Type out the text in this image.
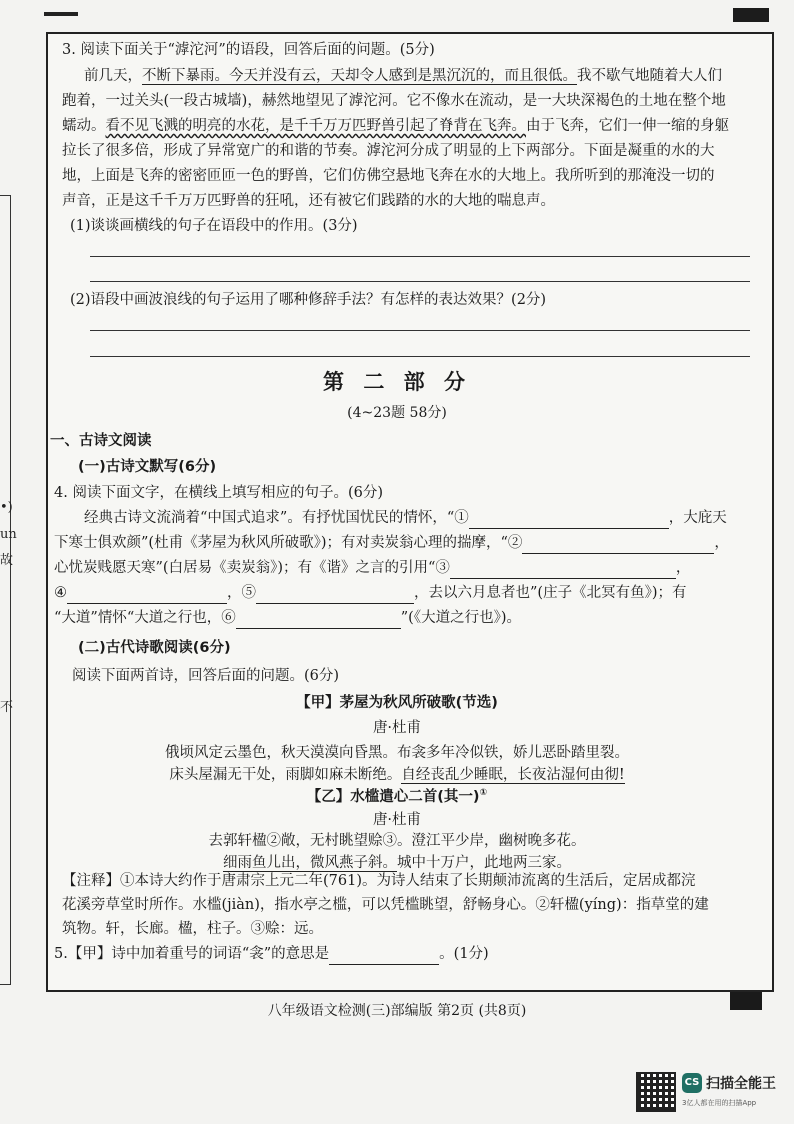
•)
un
故
不
3. 阅读下面关于“滹沱河”的语段，回答后面的问题。(5分)
前几天，不断下暴雨。今天并没有云，天却令人感到是黑沉沉的，而且很低。我不歇气地随着大人们
跑着，一过关头(一段古城墙)，赫然地望见了滹沱河。它不像水在流动，是一大块深褐色的土地在整个地
蠕动。看不见飞溅的明亮的水花，是千千万万匹野兽引起了脊背在飞奔。由于飞奔，它们一伸一缩的身躯
拉长了很多倍，形成了异常宽广的和谐的节奏。滹沱河分成了明显的上下两部分。下面是凝重的水的大
地，上面是飞奔的密密匝匝一色的野兽，它们仿佛空悬地飞奔在水的大地上。我所听到的那淹没一切的
声音，正是这千千万万匹野兽的狂吼，还有被它们践踏的水的大地的喘息声。
(1)谈谈画横线的句子在语段中的作用。(3分)
(2)语段中画波浪线的句子运用了哪种修辞手法？有怎样的表达效果？(2分)
第 二 部 分
(4~23题 58分)
一、古诗文阅读
(一)古诗文默写(6分)
4. 阅读下面文字，在横线上填写相应的句子。(6分)
经典古诗文流淌着“中国式追求”。有抒忧国忧民的情怀，“①	，大庇天
下寒士俱欢颜”(杜甫《茅屋为秋风所破歌》)；有对卖炭翁心理的揣摩，“②	，
心忧炭贱愿天寒”(白居易《卖炭翁》)；有《谐》之言的引用“③	，
④	，⑤	，去以六月息者也”(庄子《北冥有鱼》)；有
“大道”情怀“大道之行也，⑥	”(《大道之行也》)。
(二)古代诗歌阅读(6分)
阅读下面两首诗，回答后面的问题。(6分)
【甲】茅屋为秋风所破歌(节选)
唐·杜甫
俄顷风定云墨色，秋天漠漠向昏黑。布衾多年冷似铁，娇儿恶卧踏里裂。
床头屋漏无干处，雨脚如麻未断绝。自经丧乱少睡眠，长夜沾湿何由彻!
【乙】水槛遣心二首(其一)①
唐·杜甫
去郭轩楹②敞，无村眺望赊③。澄江平少岸，幽树晚多花。
细雨鱼儿出，微风燕子斜。城中十万户，此地两三家。
【注释】①本诗大约作于唐肃宗上元二年(761)。为诗人结束了长期颠沛流离的生活后，定居成都浣
花溪旁草堂时所作。水槛(jiàn)，指水亭之槛，可以凭槛眺望，舒畅身心。②轩楹(yíng)：指草堂的建
筑物。轩，长廊。楹，柱子。③赊：远。
5.【甲】诗中加着重号的词语“衾”的意思是	。(1分)
八年级语文检测(三)部编版 第2页 (共8页)
CS 扫描全能王
3亿人都在用的扫描App
